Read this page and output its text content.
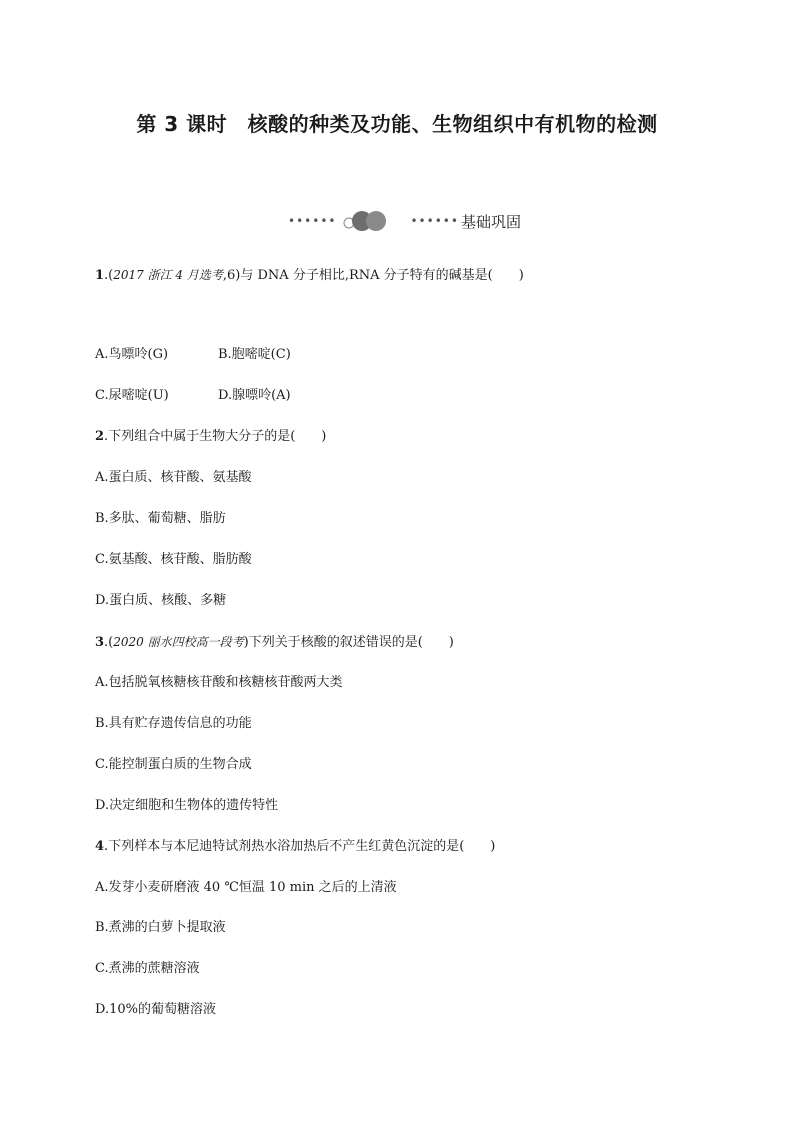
第 3 课时　核酸的种类及功能、生物组织中有机物的检测
••••••	•••••• 基础巩固
1.(2017 浙江 4 月选考,6)与 DNA 分子相比,RNA 分子特有的碱基是(　　)
A.鸟嘌呤(G)	B.胞嘧啶(C)
C.尿嘧啶(U)	D.腺嘌呤(A)
2.下列组合中属于生物大分子的是(　　)
A.蛋白质、核苷酸、氨基酸
B.多肽、葡萄糖、脂肪
C.氨基酸、核苷酸、脂肪酸
D.蛋白质、核酸、多糖
3.(2020 丽水四校高一段考)下列关于核酸的叙述错误的是(　　)
A.包括脱氧核糖核苷酸和核糖核苷酸两大类
B.具有贮存遗传信息的功能
C.能控制蛋白质的生物合成
D.决定细胞和生物体的遗传特性
4.下列样本与本尼迪特试剂热水浴加热后不产生红黄色沉淀的是(　　)
A.发芽小麦研磨液 40 ℃恒温 10 min 之后的上清液
B.煮沸的白萝卜提取液
C.煮沸的蔗糖溶液
D.10%的葡萄糖溶液
